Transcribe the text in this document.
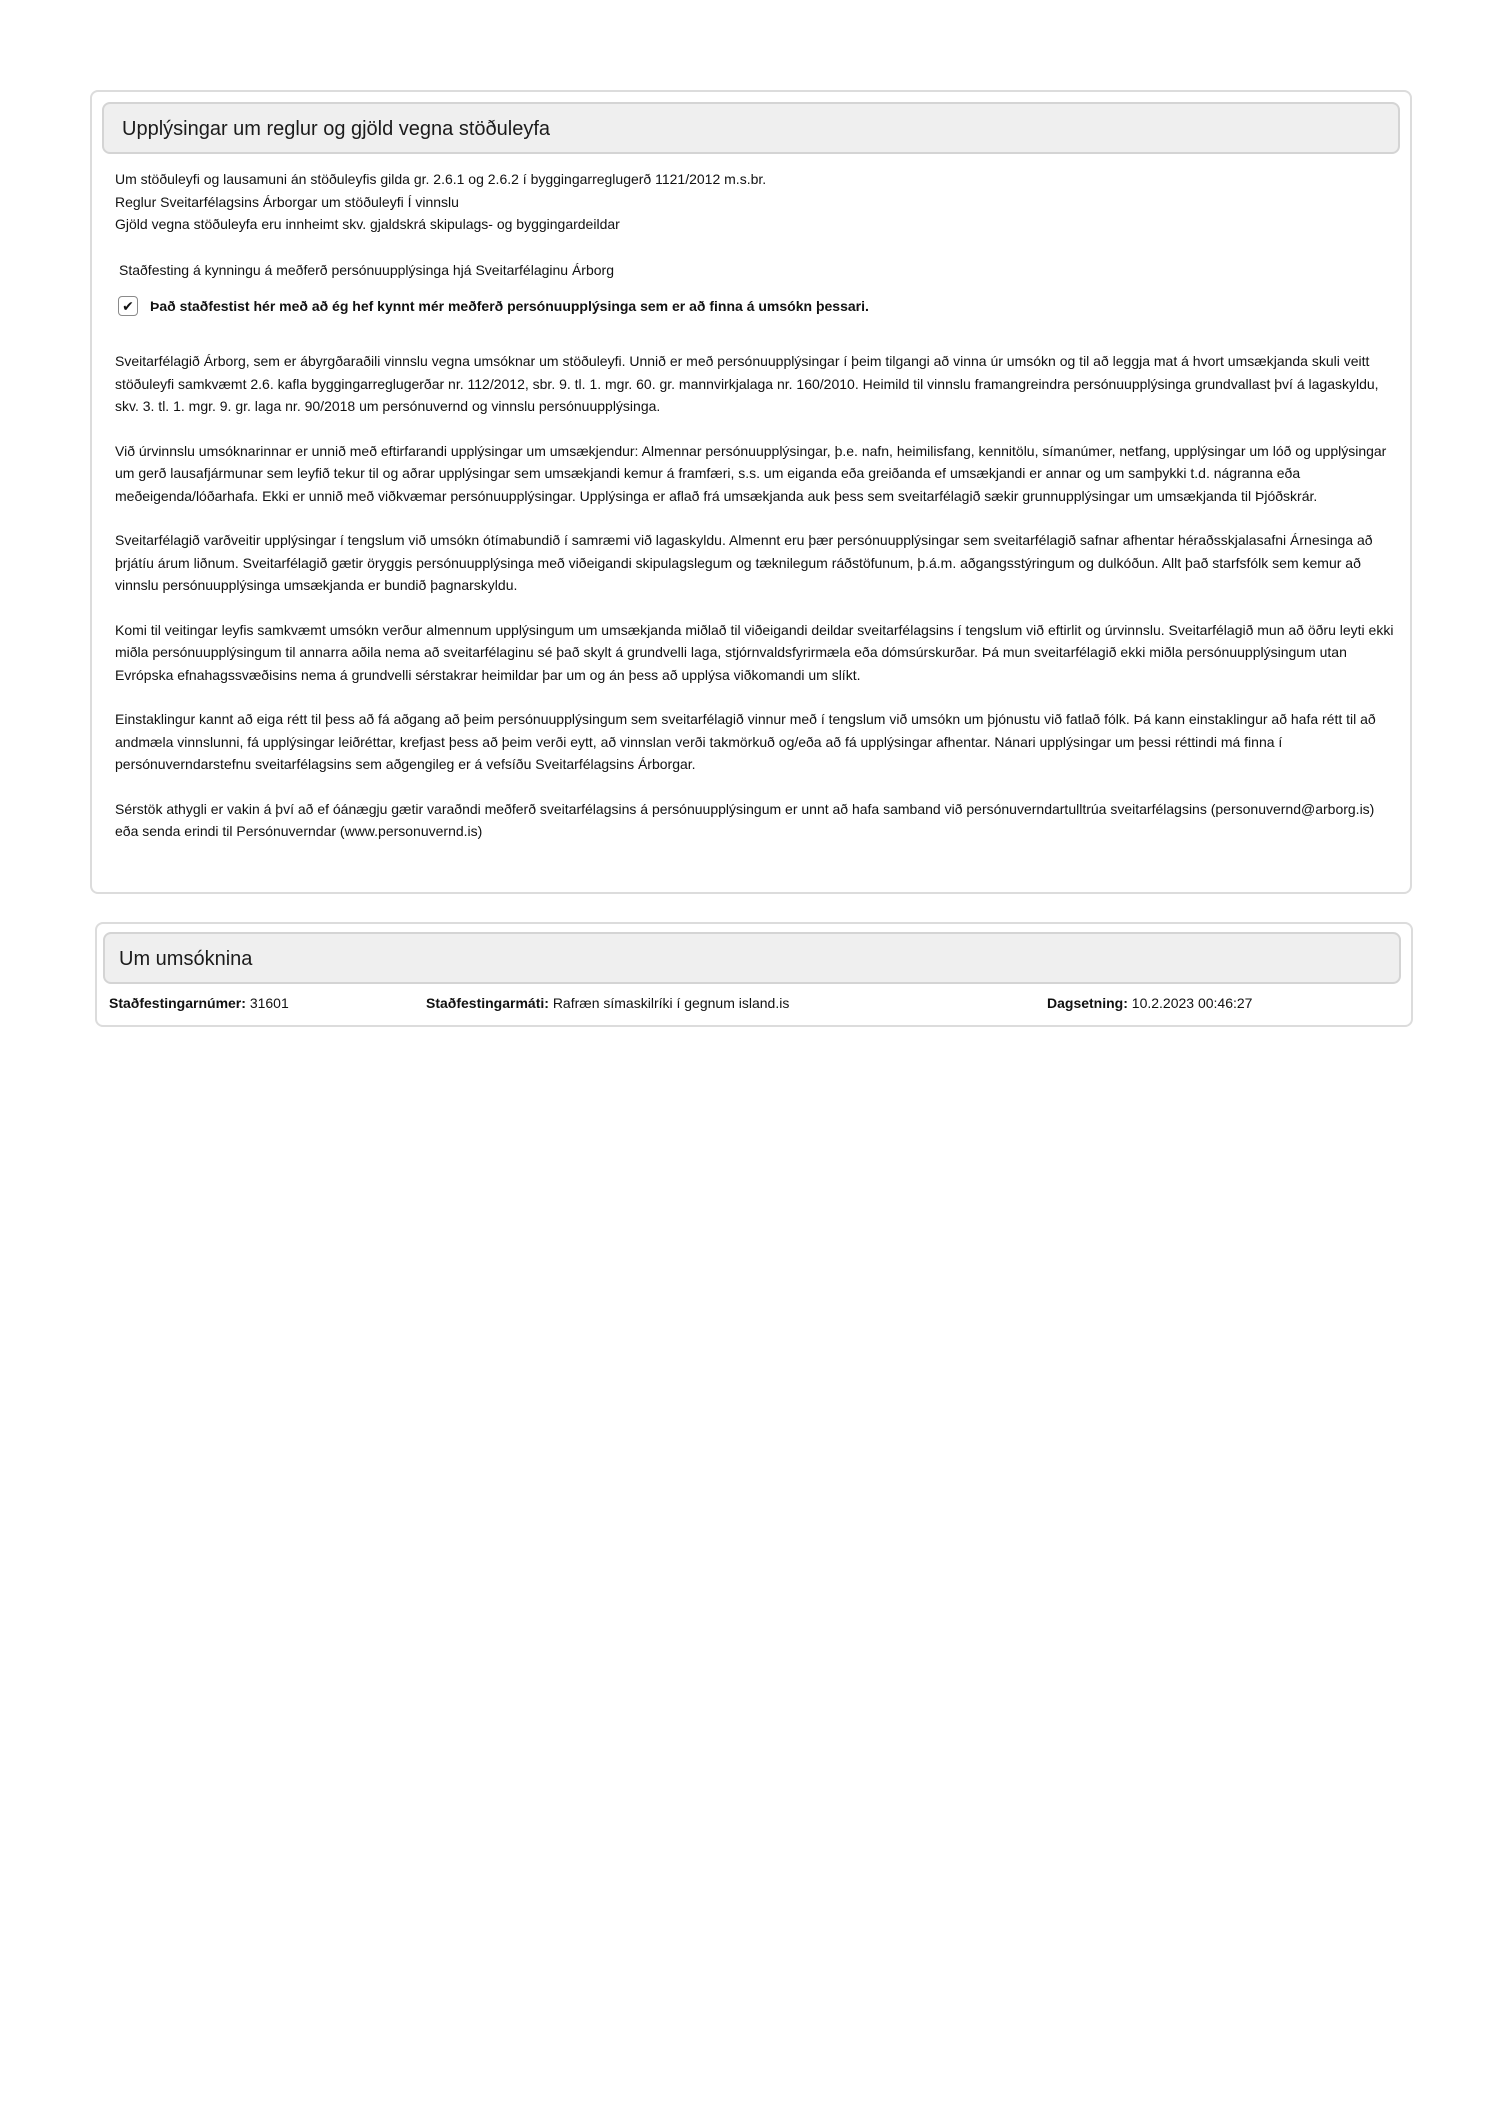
Upplýsingar um reglur og gjöld vegna stöðuleyfa
Um stöðuleyfi og lausamuni án stöðuleyfis gilda gr. 2.6.1 og 2.6.2 í byggingarreglugerð 1121/2012 m.s.br.
Reglur Sveitarfélagsins Árborgar um stöðuleyfi Í vinnslu
Gjöld vegna stöðuleyfa eru innheimt skv. gjaldskrá skipulags- og byggingardeildar
Staðfesting á kynningu á meðferð persónuupplýsinga hjá Sveitarfélaginu Árborg
✔ Það staðfestist hér með að ég hef kynnt mér meðferð persónuupplýsinga sem er að finna á umsókn þessari.

Sveitarfélagið Árborg, sem er ábyrgðaraðili vinnslu vegna umsóknar um stöðuleyfi. Unnið er með persónuupplýsingar í þeim tilgangi að vinna úr umsókn og til að leggja mat á hvort umsækjanda skuli veitt stöðuleyfi samkvæmt 2.6. kafla byggingarreglugerðar nr. 112/2012, sbr. 9. tl. 1. mgr. 60. gr. mannvirkjalaga nr. 160/2010. Heimild til vinnslu framangreindra persónuupplýsinga grundvallast því á lagaskyldu, skv. 3. tl. 1. mgr. 9. gr. laga nr. 90/2018 um persónuvernd og vinnslu persónuupplýsinga.

Við úrvinnslu umsóknarinnar er unnið með eftirfarandi upplýsingar um umsækjendur: Almennar persónuupplýsingar, þ.e. nafn, heimilisfang, kennitölu, símanúmer, netfang, upplýsingar um lóð og upplýsingar um gerð lausafjármunar sem leyfið tekur til og aðrar upplýsingar sem umsækjandi kemur á framfæri, s.s. um eiganda eða greiðanda ef umsækjandi er annar og um samþykki t.d. nágranna eða meðeigenda/lóðarhafa. Ekki er unnið með viðkvæmar persónuupplýsingar. Upplýsinga er aflað frá umsækjanda auk þess sem sveitarfélagið sækir grunnupplýsingar um umsækjanda til Þjóðskrár.

Sveitarfélagið varðveitir upplýsingar í tengslum við umsókn ótímabundið í samræmi við lagaskyldu. Almennt eru þær persónuupplýsingar sem sveitarfélagið safnar afhentar héraðsskjalasafni Árnesinga að þrjátíu árum liðnum. Sveitarfélagið gætir öryggis persónuupplýsinga með viðeigandi skipulagslegum og tæknilegum ráðstöfunum, þ.á.m. aðgangsstýringum og dulkóðun. Allt það starfsfólk sem kemur að vinnslu persónuupplýsinga umsækjanda er bundið þagnarskyldu.

Komi til veitingar leyfis samkvæmt umsókn verður almennum upplýsingum um umsækjanda miðlað til viðeigandi deildar sveitarfélagsins í tengslum við eftirlit og úrvinnslu. Sveitarfélagið mun að öðru leyti ekki miðla persónuupplýsingum til annarra aðila nema að sveitarfélaginu sé það skylt á grundvelli laga, stjórnvaldsfyrirmæla eða dómsúrskurðar. Þá mun sveitarfélagið ekki miðla persónuupplýsingum utan Evrópska efnahagssvæðisins nema á grundvelli sérstakrar heimildar þar um og án þess að upplýsa viðkomandi um slíkt.

Einstaklingur kannt að eiga rétt til þess að fá aðgang að þeim persónuupplýsingum sem sveitarfélagið vinnur með í tengslum við umsókn um þjónustu við fatlað fólk. Þá kann einstaklingur að hafa rétt til að andmæla vinnslunni, fá upplýsingar leiðréttar, krefjast þess að þeim verði eytt, að vinnslan verði takmörkuð og/eða að fá upplýsingar afhentar. Nánari upplýsingar um þessi réttindi má finna í persónuverndarstefnu sveitarfélagsins sem aðgengileg er á vefsíðu Sveitarfélagsins Árborgar.

Sérstök athygli er vakin á því að ef óánægju gætir varaðndi meðferð sveitarfélagsins á persónuupplýsingum er unnt að hafa samband við persónuverndartulltrúa sveitarfélagsins (personuvernd@arborg.is) eða senda erindi til Persónuverndar (www.personuvernd.is)

Um umsóknina
Staðfestingarnúmer: 31601	Staðfestingarmáti: Rafræn símaskilríki í gegnum island.is	Dagsetning: 10.2.2023 00:46:27
